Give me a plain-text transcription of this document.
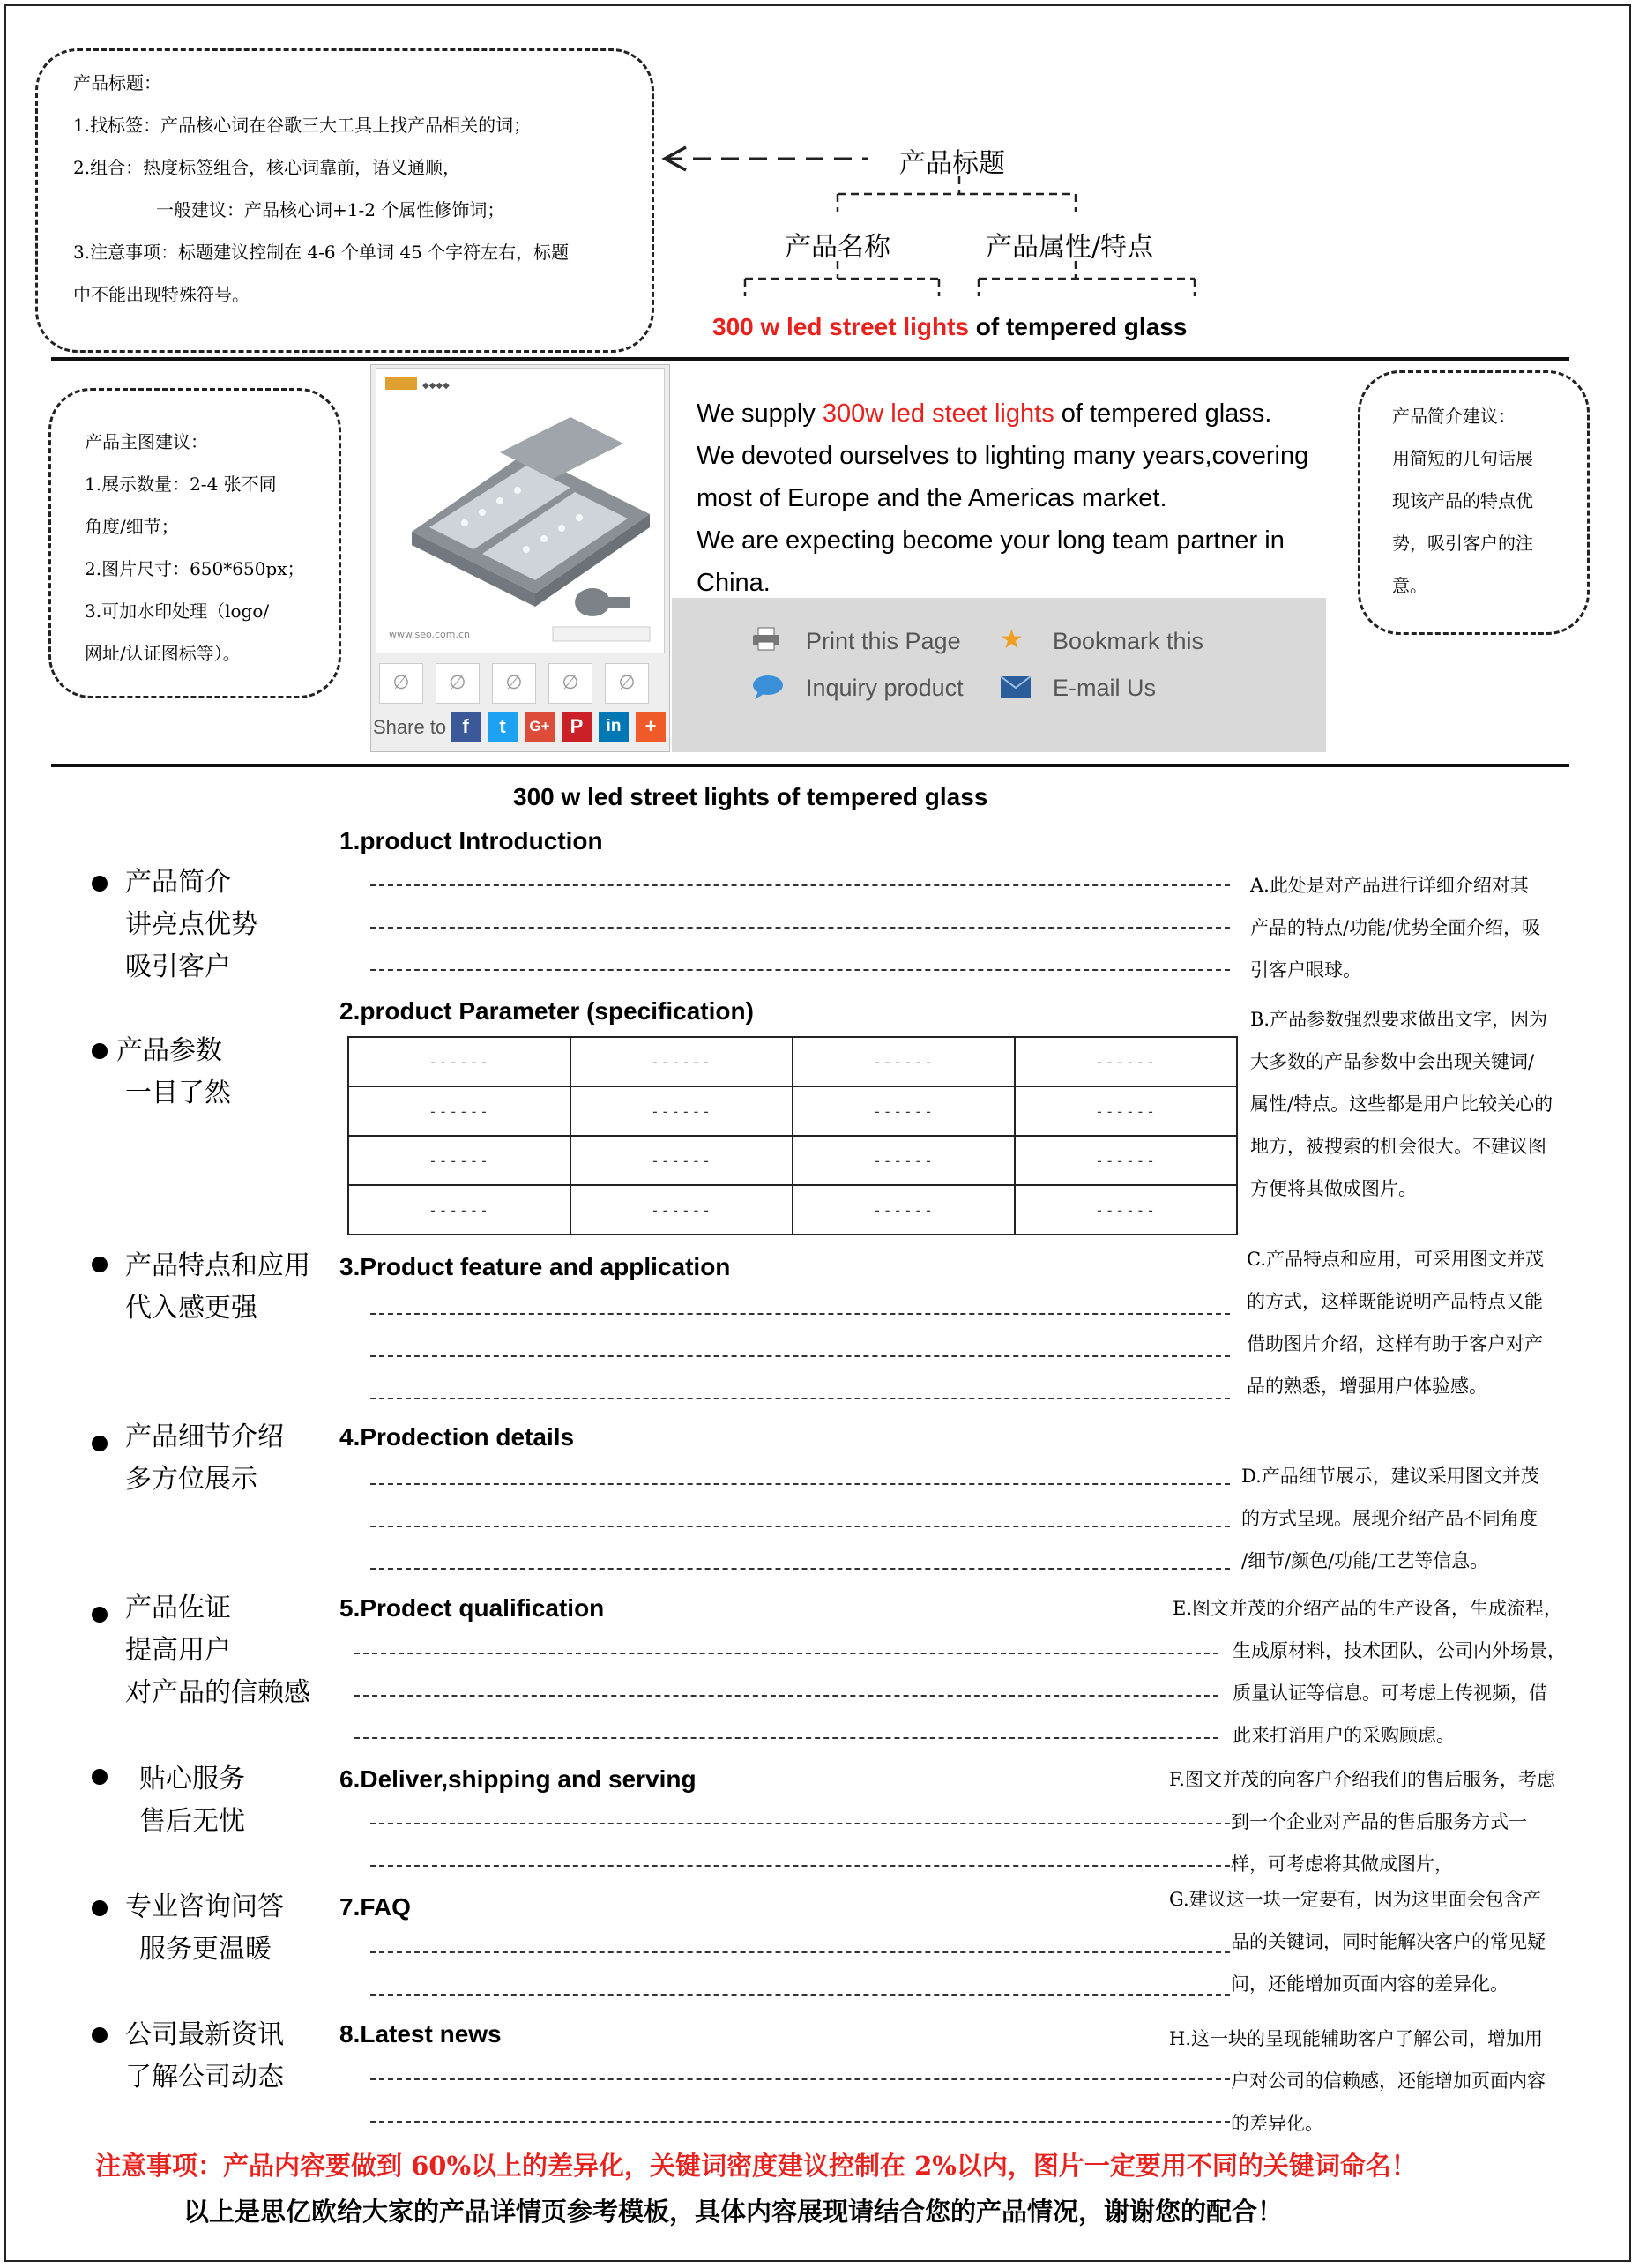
产品标题：
1.找标签：产品核心词在谷歌三大工具上找产品相关的词；
2.组合：热度标签组合，核心词靠前，语义通顺，
一般建议：产品核心词+1-2 个属性修饰词；
3.注意事项：标题建议控制在 4-6 个单词 45 个字符左右，标题
中不能出现特殊符号。
产品标题
产品名称	产品属性/特点
300 w led street lights of tempered glass
产品主图建议：
1.展示数量：2-4 张不同
角度/细节；
2.图片尺寸：650*650px；
3.可加水印处理（logo/
网址/认证图标等）。
◆◆◆◆
www.seo.com.cn
∅	∅	∅	∅	∅
Share to f	t	G+	P	in	+
We supply 300w led steet lights of tempered glass.
We devoted ourselves to lighting many years,covering most of Europe and the Americas market.
We are expecting become your long team partner in China.
Print this Page ★ Bookmark this
Inquiry product	E-mail Us
产品简介建议：
用简短的几句话展
现该产品的特点优
势，吸引客户的注
意。
300 w led street lights of tempered glass
产品简介
讲亮点优势
吸引客户
1.product Introduction
A.此处是对产品进行详细介绍对其
产品的特点/功能/优势全面介绍，吸
引客户眼球。
产品参数
一目了然
2.product Parameter (specification)
------	------	------	------
------	------	------	------
------	------	------	------
------	------	------	------
B.产品参数强烈要求做出文字，因为
大多数的产品参数中会出现关键词/
属性/特点。这些都是用户比较关心的
地方，被搜索的机会很大。不建议图
方便将其做成图片。
产品特点和应用
代入感更强
3.Product feature and application	C.产品特点和应用，可采用图文并茂
的方式，这样既能说明产品特点又能
借助图片介绍，这样有助于客户对产
品的熟悉，增强用户体验感。
产品细节介绍
多方位展示
4.Prodection details
D.产品细节展示，建议采用图文并茂
的方式呈现。展现介绍产品不同角度
/细节/颜色/功能/工艺等信息。
产品佐证
提高用户
对产品的信赖感
5.Prodect qualification	E.图文并茂的介绍产品的生产设备，生成流程，
生成原材料，技术团队，公司内外场景，
质量认证等信息。可考虑上传视频，借
此来打消用户的采购顾虑。
贴心服务
售后无忧
6.Deliver,shipping and serving	F.图文并茂的向客户介绍我们的售后服务，考虑
到一个企业对产品的售后服务方式一
样，可考虑将其做成图片，
专业咨询问答
服务更温暖
7.FAQ	G.建议这一块一定要有，因为这里面会包含产
品的关键词，同时能解决客户的常见疑
问，还能增加页面内容的差异化。
公司最新资讯
了解公司动态
8.Latest news	H.这一块的呈现能辅助客户了解公司，增加用
户对公司的信赖感，还能增加页面内容
的差异化。
注意事项：产品内容要做到 60%以上的差异化，关键词密度建议控制在 2%以内，图片一定要用不同的关键词命名！
以上是思亿欧给大家的产品详情页参考模板，具体内容展现请结合您的产品情况，谢谢您的配合！
